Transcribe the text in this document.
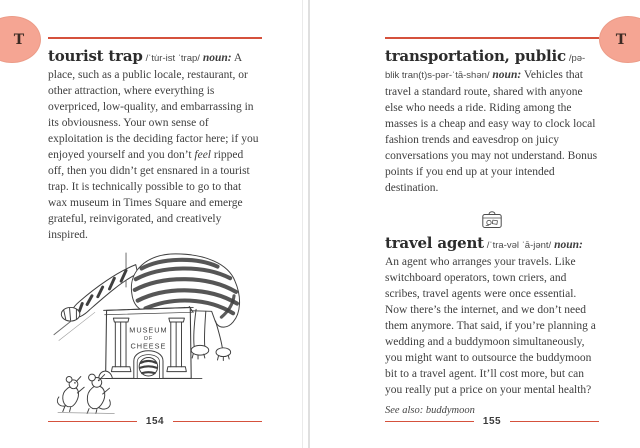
T	T

tourist trap /ˈtu̇r-ist ˈtrap/ noun: A place, such as a public locale, restaurant, or other attraction, where everything is overpriced, low-quality, and embarrassing in its obviousness. Your own sense of exploitation is the deciding factor here; if you enjoyed yourself and you don’t feel ripped off, then you didn’t get ensnared in a tourist trap. It is technically possible to go to that wax museum in Times Square and emerge grateful, reinvigorated, and creatively inspired.

MUSEUM
OF
CHEESE
154

transportation, public /pə-blik tran(t)s-pər-ˈtā-shən/ noun: Vehicles that travel a standard route, shared with anyone else who needs a ride. Riding among the masses is a cheap and easy way to clock local fashion trends and eavesdrop on juicy conversations you may not understand. Bonus points if you end up at your intended destination.

travel agent /ˈtra-vəl ˈā-jənt/ noun: An agent who arranges your travels. Like switchboard operators, town criers, and scribes, travel agents were once essential. Now there’s the internet, and we don’t need them anymore. That said, if you’re planning a wedding and a buddymoon simultaneously, you might want to outsource the buddymoon bit to a travel agent. It’ll cost more, but can you really put a price on your mental health?

See also: buddymoon

155
